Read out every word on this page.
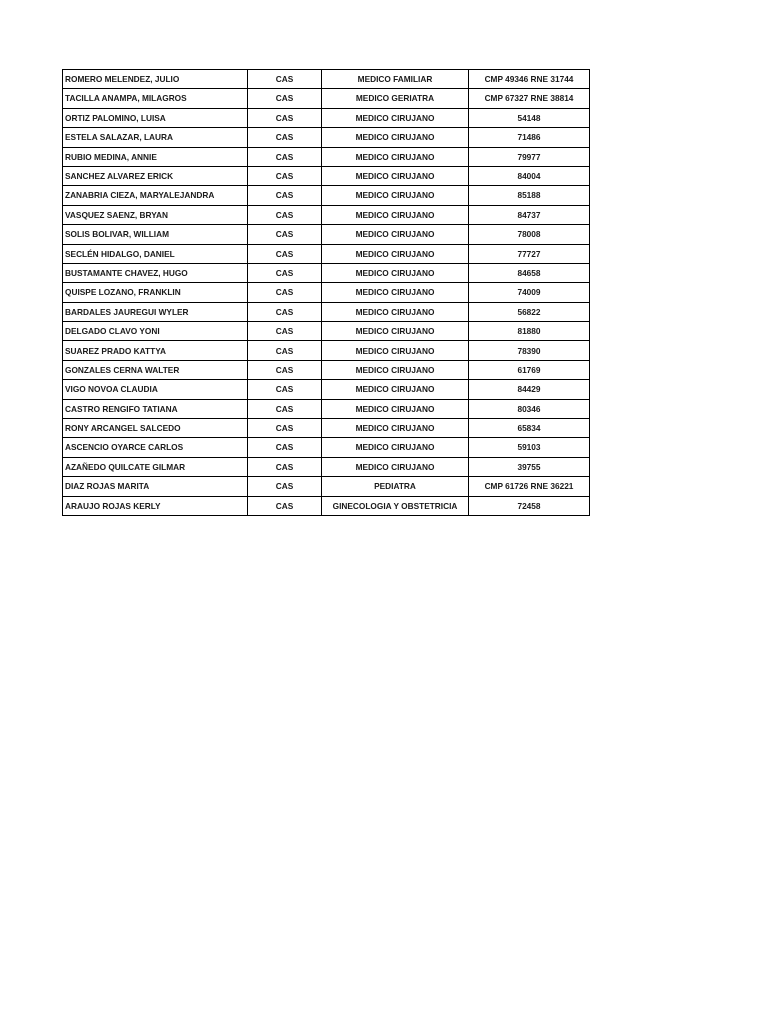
ROMERO MELENDEZ, JULIO	CAS	MEDICO FAMILIAR	CMP 49346 RNE 31744
TACILLA ANAMPA, MILAGROS	CAS	MEDICO GERIATRA	CMP 67327 RNE 38814
ORTIZ PALOMINO, LUISA	CAS	MEDICO CIRUJANO	54148
ESTELA SALAZAR, LAURA	CAS	MEDICO CIRUJANO	71486
RUBIO MEDINA, ANNIE	CAS	MEDICO CIRUJANO	79977
SANCHEZ ALVAREZ ERICK	CAS	MEDICO CIRUJANO	84004
ZANABRIA CIEZA, MARYALEJANDRA	CAS	MEDICO CIRUJANO	85188
VASQUEZ SAENZ, BRYAN	CAS	MEDICO CIRUJANO	84737
SOLIS BOLIVAR, WILLIAM	CAS	MEDICO CIRUJANO	78008
SECLÉN HIDALGO, DANIEL	CAS	MEDICO CIRUJANO	77727
BUSTAMANTE CHAVEZ, HUGO	CAS	MEDICO CIRUJANO	84658
QUISPE LOZANO, FRANKLIN	CAS	MEDICO CIRUJANO	74009
BARDALES JAUREGUI WYLER	CAS	MEDICO CIRUJANO	56822
DELGADO CLAVO YONI	CAS	MEDICO CIRUJANO	81880
SUAREZ PRADO KATTYA	CAS	MEDICO CIRUJANO	78390
GONZALES CERNA WALTER	CAS	MEDICO CIRUJANO	61769
VIGO NOVOA CLAUDIA	CAS	MEDICO CIRUJANO	84429
CASTRO RENGIFO TATIANA	CAS	MEDICO CIRUJANO	80346
RONY ARCANGEL SALCEDO	CAS	MEDICO CIRUJANO	65834
ASCENCIO OYARCE CARLOS	CAS	MEDICO CIRUJANO	59103
AZAÑEDO QUILCATE GILMAR	CAS	MEDICO CIRUJANO	39755
DIAZ ROJAS MARITA	CAS	PEDIATRA	CMP 61726 RNE 36221
ARAUJO ROJAS KERLY	CAS	GINECOLOGIA Y OBSTETRICIA	72458
